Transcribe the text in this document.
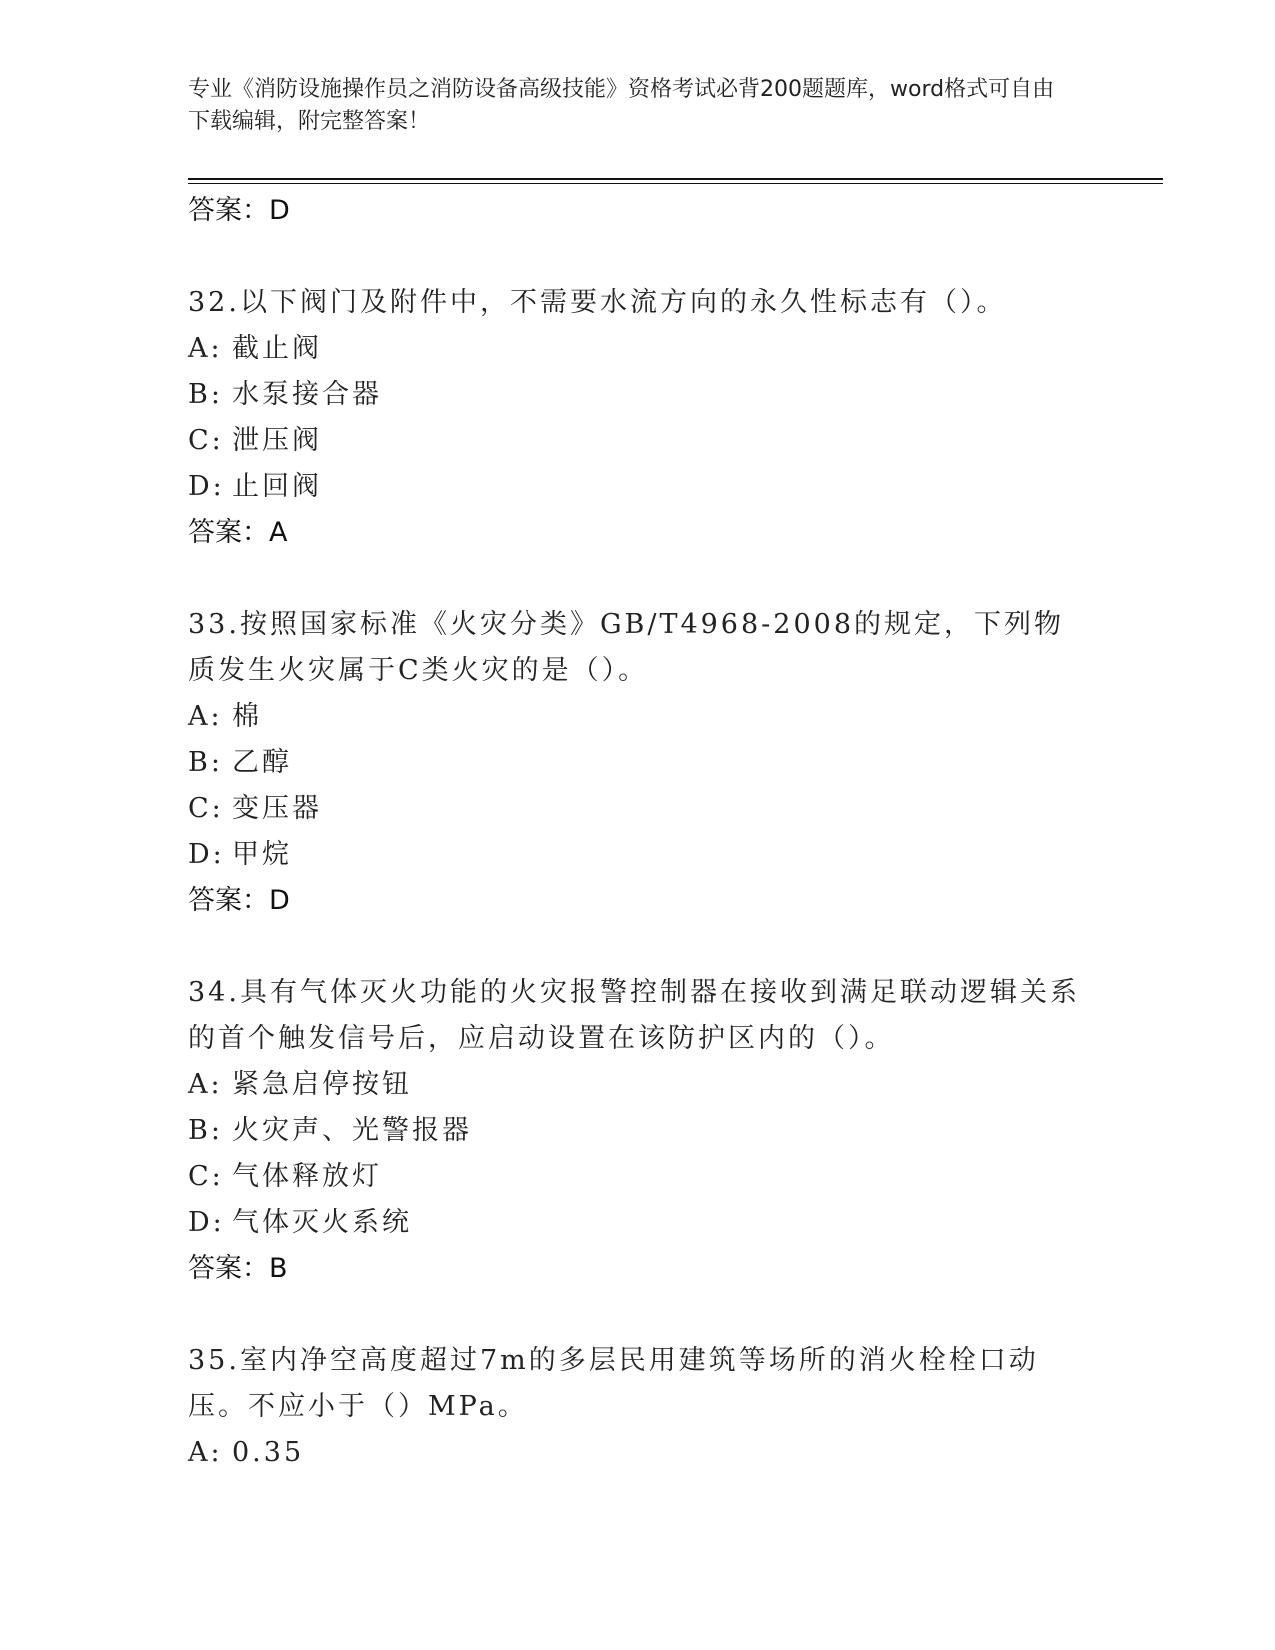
专业《消防设施操作员之消防设备高级技能》资格考试必背200题题库，word格式可自由下载编辑，附完整答案！
答案：D

32.以下阀门及附件中，不需要水流方向的永久性标志有（）。

A: 截止阀
B: 水泵接合器
C: 泄压阀
D: 止回阀
答案：A

33.按照国家标准《火灾分类》GB/T4968-2008的规定，下列物质发生火灾属于C类火灾的是（）。

A: 棉
B: 乙醇
C: 变压器
D: 甲烷
答案：D

34.具有气体灭火功能的火灾报警控制器在接收到满足联动逻辑关系的首个触发信号后，应启动设置在该防护区内的（）。

A: 紧急启停按钮
B: 火灾声、光警报器
C: 气体释放灯
D: 气体灭火系统
答案：B

35.室内净空高度超过7m的多层民用建筑等场所的消火栓栓口动压。不应小于（）MPa。

A: 0.35
